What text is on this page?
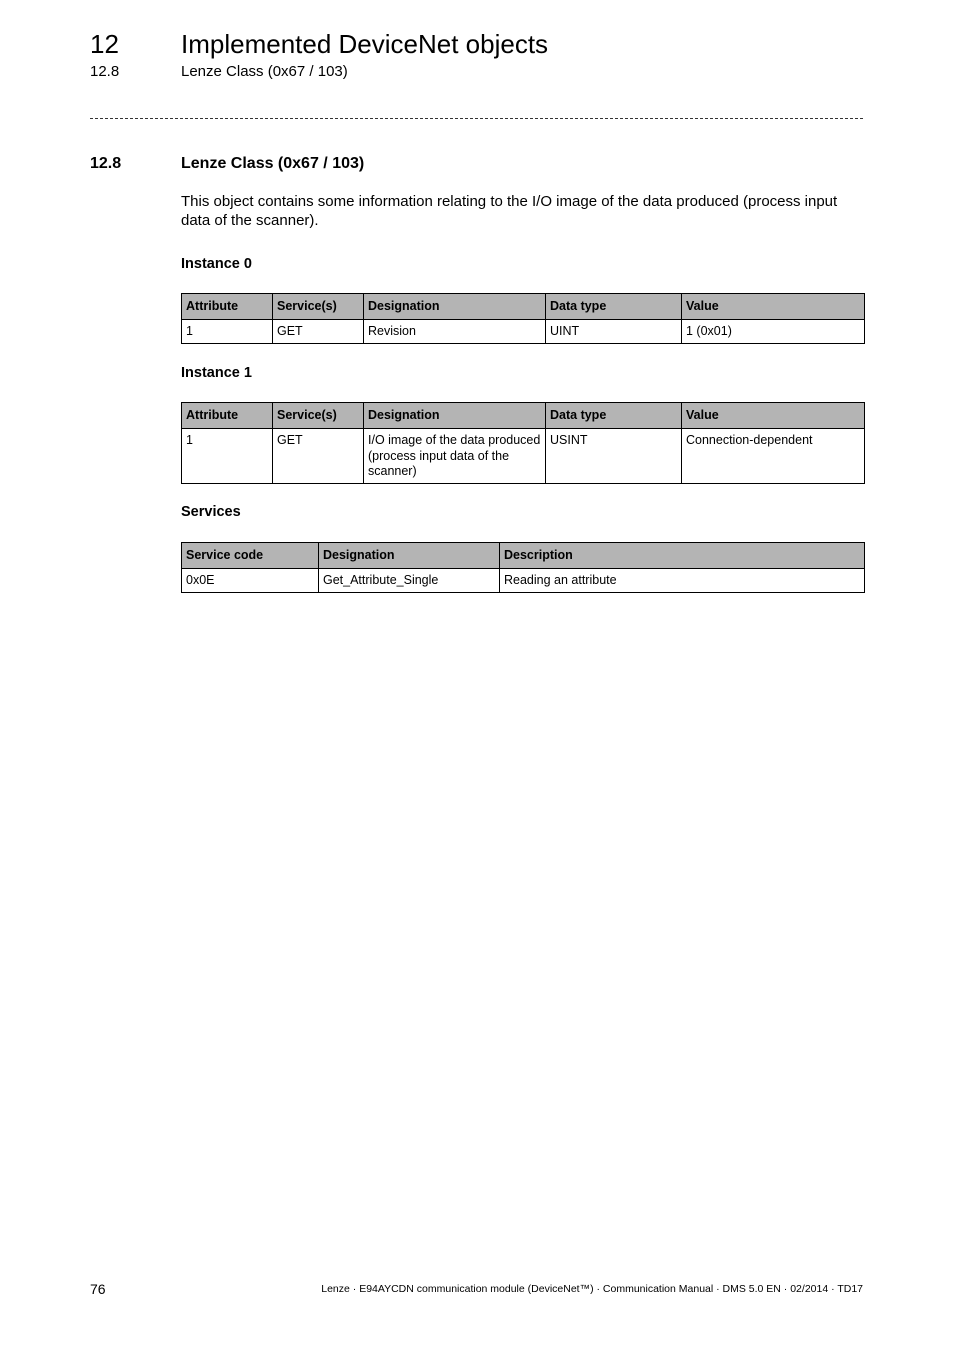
12 Implemented DeviceNet objects
12.8	Lenze Class (0x67 / 103)
12.8	Lenze Class (0x67 / 103)
This object contains some information relating to the I/O image of the data produced (process input data of the scanner).
Instance 0
Attribute	Service(s)	Designation	Data type	Value
1	GET	Revision	UINT	1 (0x01)
Instance 1
Attribute	Service(s)	Designation	Data type	Value
1	GET	I/O image of the data produced (process input data of the scanner)	USINT	Connection-dependent
Services
Service code	Designation	Description
0x0E	Get_Attribute_Single	Reading an attribute
76	Lenze · E94AYCDN communication module (DeviceNet™) · Communication Manual · DMS 5.0 EN · 02/2014 · TD17
